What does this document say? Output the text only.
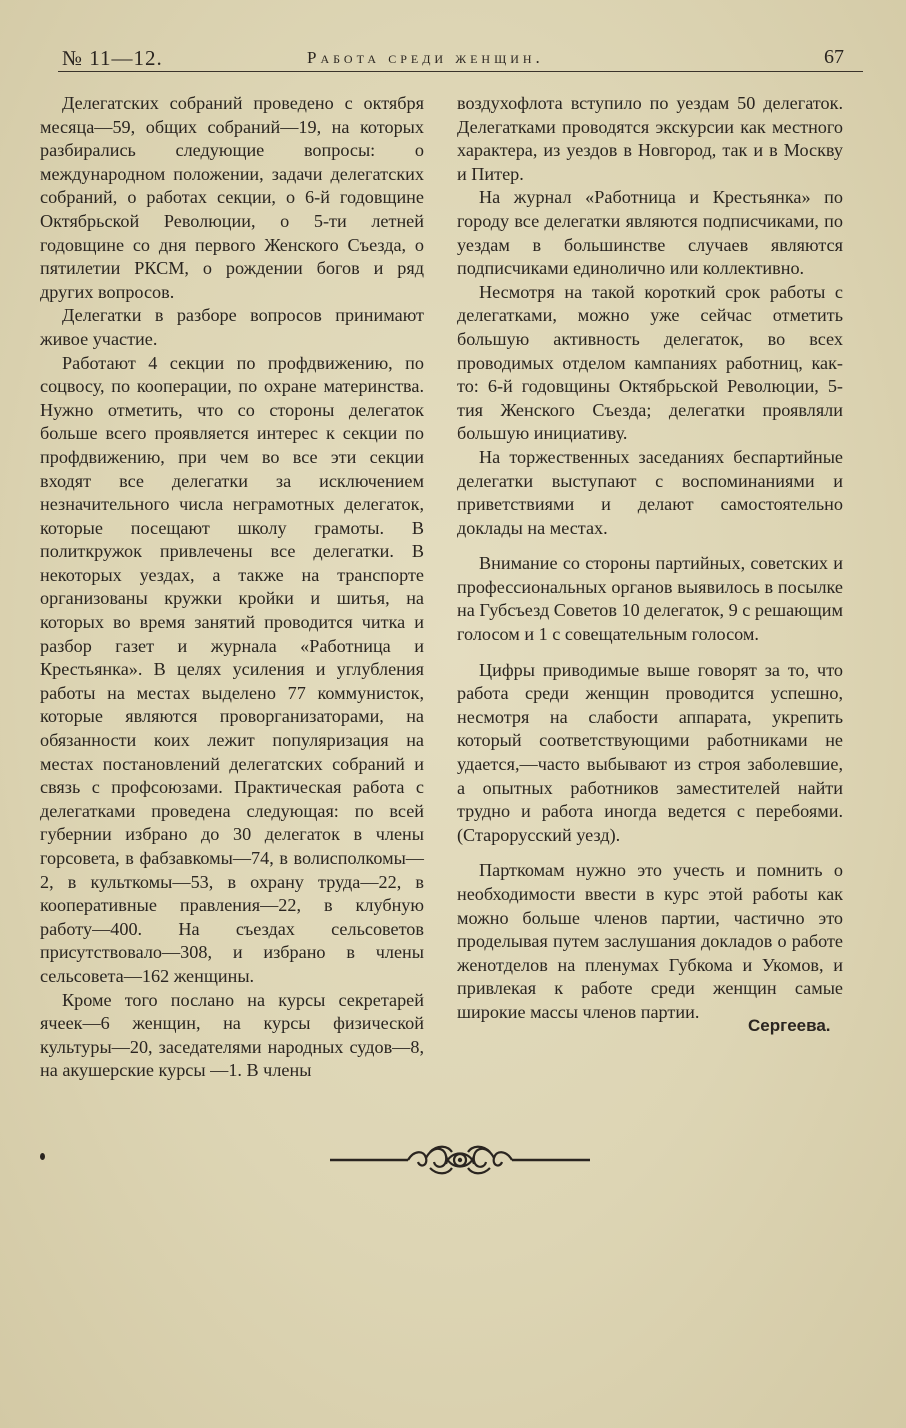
№ 11—12.	Работа среди женщин.	67

Делегатских собраний проведено с октября месяца—59, общих собраний—19, на которых разбирались следующие вопросы: о международном положении, задачи делегатских собраний, о работах секции, о 6-й годовщине Октябрьской Революции, о 5-ти летней годовщине со дня первого Женского Съезда, о пятилетии РКСМ, о рождении богов и ряд других вопросов.

Делегатки в разборе вопросов принимают живое участие.

Работают 4 секции по профдвижению, по соцвосу, по кооперации, по охране материнства. Нужно отметить, что со стороны делегаток больше всего проявляется интерес к секции по профдвижению, при чем во все эти секции входят все делегатки за исключением незначительного числа неграмотных делегаток, которые посещают школу грамоты. В политкружок привлечены все делегатки. В некоторых уездах, а также на транспорте организованы кружки кройки и шитья, на которых во время занятий проводится читка и разбор газет и журнала «Работница и Крестьянка». В целях усиления и углубления работы на местах выделено 77 коммунисток, которые являются проворганизаторами, на обязанности коих лежит популяризация на местах постановлений делегатских собраний и связь с профсоюзами. Практическая работа с делегатками проведена следующая: по всей губернии избрано до 30 делегаток в члены горсовета, в фабзавкомы—74, в волисполкомы—2, в культкомы—53, в охрану труда—22, в кооперативные правления—22, в клубную работу—400. На съездах сельсоветов присутствовало—308, и избрано в члены сельсовета—162 женщины.

Кроме того послано на курсы секретарей ячеек—6 женщин, на курсы физической культуры—20, заседателями народных судов—8, на акушерские курсы —1. В члены

воздухофлота вступило по уездам 50 делегаток. Делегатками проводятся экскурсии как местного характера, из уездов в Новгород, так и в Москву и Питер.

На журнал «Работница и Крестьянка» по городу все делегатки являются подписчиками, по уездам в большинстве случаев являются подписчиками единолично или коллективно.

Несмотря на такой короткий срок работы с делегатками, можно уже сейчас отметить большую активность делегаток, во всех проводимых отделом кампаниях работниц, как-то: 6-й годовщины Октябрьской Революции, 5-тия Женского Съезда; делегатки проявляли большую инициативу.

На торжественных заседаниях беспартийные делегатки выступают с воспоминаниями и приветствиями и делают самостоятельно доклады на местах.

Внимание со стороны партийных, советских и профессиональных органов выявилось в посылке на Губсъезд Советов 10 делегаток, 9 с решающим голосом и 1 с совещательным голосом.

Цифры приводимые выше говорят за то, что работа среди женщин проводится успешно, несмотря на слабости аппарата, укрепить который соответствующими работниками не удается,—часто выбывают из строя заболевшие, а опытных работников заместителей найти трудно и работа иногда ведется с перебоями. (Старорусский уезд).

Парткомам нужно это учесть и помнить о необходимости ввести в курс этой работы как можно больше членов партии, частично это проделывая путем заслушания докладов о работе женотделов на пленумах Губкома и Укомов, и привлекая к работе среди женщин самые широкие массы членов партии.

Сергеева.
